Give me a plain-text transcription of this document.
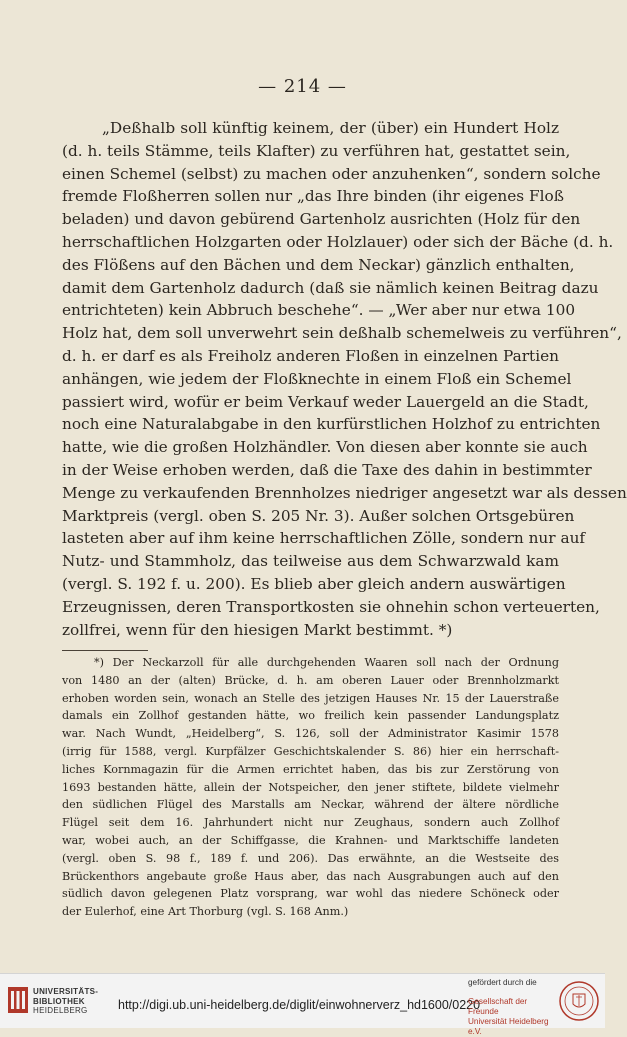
— 214 —
„Deßhalb soll künftig keinem, der (über) ein Hundert Holz
(d. h. teils Stämme, teils Klafter) zu verführen hat, gestattet sein,
einen Schemel (selbst) zu machen oder anzuhenken“, sondern solche
fremde Floßherren sollen nur „das Ihre binden (ihr eigenes Floß
beladen) und davon gebürend Gartenholz ausrichten (Holz für den
herrschaftlichen Holzgarten oder Holzlauer) oder sich der Bäche (d. h.
des Flößens auf den Bächen und dem Neckar) gänzlich enthalten,
damit dem Gartenholz dadurch (daß sie nämlich keinen Beitrag dazu
entrichteten) kein Abbruch beschehe“. — „Wer aber nur etwa 100
Holz hat, dem soll unverwehrt sein deßhalb schemelweis zu verführen“,
d. h. er darf es als Freiholz anderen Floßen in einzelnen Partien
anhängen, wie jedem der Floßknechte in einem Floß ein Schemel
passiert wird, wofür er beim Verkauf weder Lauergeld an die Stadt,
noch eine Naturalabgabe in den kurfürstlichen Holzhof zu entrichten
hatte, wie die großen Holzhändler. Von diesen aber konnte sie auch
in der Weise erhoben werden, daß die Taxe des dahin in bestimmter
Menge zu verkaufenden Brennholzes niedriger angesetzt war als dessen
Marktpreis (vergl. oben S. 205 Nr. 3). Außer solchen Ortsgebüren
lasteten aber auf ihm keine herrschaftlichen Zölle, sondern nur auf
Nutz- und Stammholz, das teilweise aus dem Schwarzwald kam
(vergl. S. 192 f. u. 200). Es blieb aber gleich andern auswärtigen
Erzeugnissen, deren Transportkosten sie ohnehin schon verteuerten,
zollfrei, wenn für den hiesigen Markt bestimmt. *)
*) Der Neckarzoll für alle durchgehenden Waaren soll nach der Ordnung
von 1480 an der (alten) Brücke, d. h. am oberen Lauer oder Brennholzmarkt
erhoben worden sein, wonach an Stelle des jetzigen Hauses Nr. 15 der Lauerstraße
damals ein Zollhof gestanden hätte, wo freilich kein passender Landungsplatz
war. Nach Wundt, „Heidelberg“, S. 126, soll der Administrator Kasimir 1578
(irrig für 1588, vergl. Kurpfälzer Geschichtskalender S. 86) hier ein herrschaft-
liches Kornmagazin für die Armen errichtet haben, das bis zur Zerstörung von
1693 bestanden hätte, allein der Notspeicher, den jener stiftete, bildete vielmehr
den südlichen Flügel des Marstalls am Neckar, während der ältere nördliche
Flügel seit dem 16. Jahrhundert nicht nur Zeughaus, sondern auch Zollhof
war, wobei auch, an der Schiffgasse, die Krahnen- und Marktschiffe landeten
(vergl. oben S. 98 f., 189 f. und 206). Das erwähnte, an die Westseite des
Brückenthors angebaute große Haus aber, das nach Ausgrabungen auch auf den
südlich davon gelegenen Platz vorsprang, war wohl das niedere Schöneck oder
der Eulerhof, eine Art Thorburg (vgl. S. 168 Anm.)
UNIVERSITÄTS-
BIBLIOTHEK
HEIDELBERG	http://digi.ub.uni-heidelberg.de/diglit/einwohnerverz_hd1600/0220
gefördert durch die
Gesellschaft der Freunde
Universität Heidelberg e.V.
